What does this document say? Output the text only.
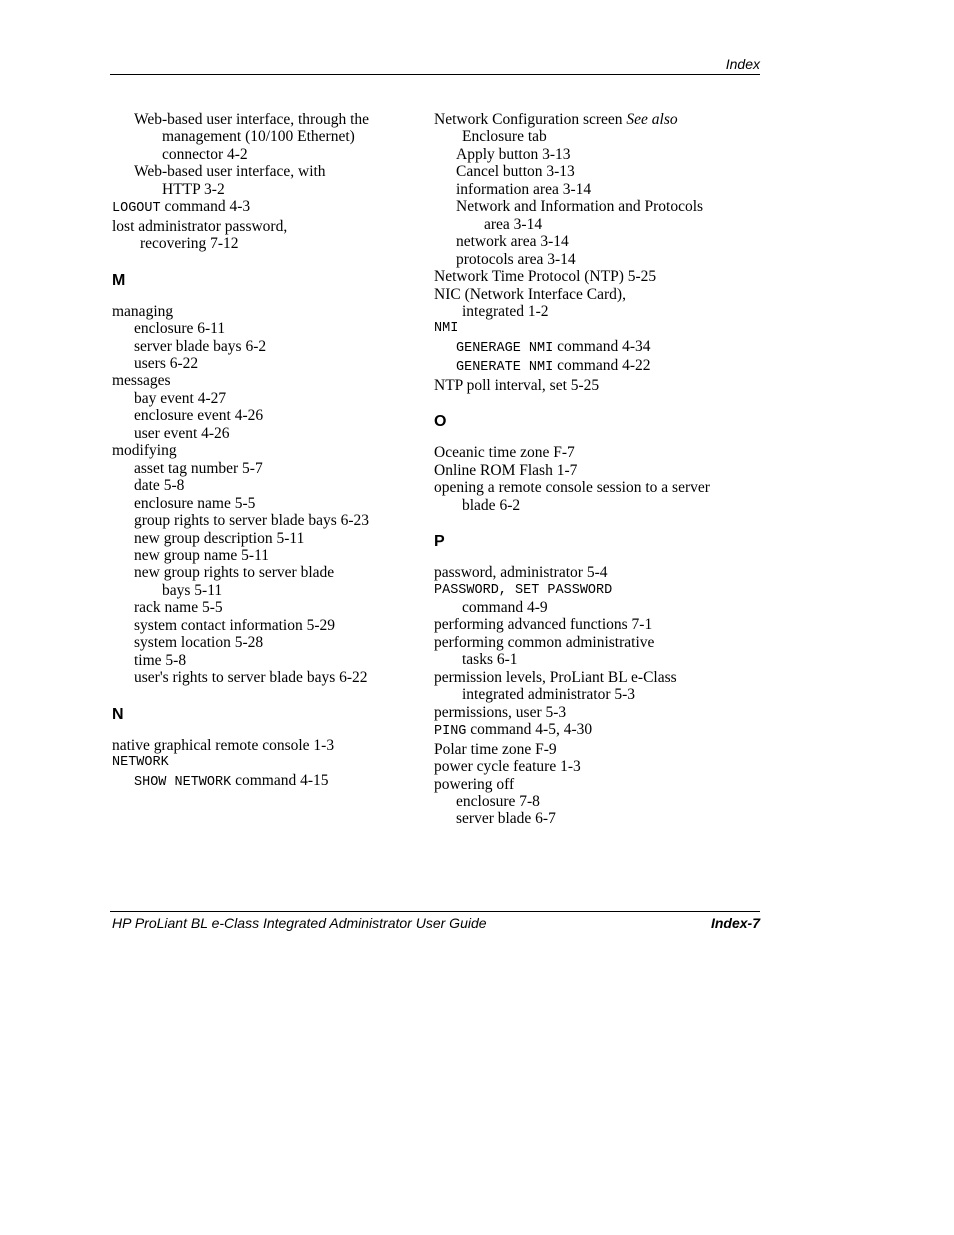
Index
Web-based user interface, through the
management (10/100 Ethernet)
connector 4-2
Web-based user interface, with
HTTP 3-2
LOGOUT command 4-3
lost administrator password,
recovering 7-12
M
managing
enclosure 6-11
server blade bays 6-2
users 6-22
messages
bay event 4-27
enclosure event 4-26
user event 4-26
modifying
asset tag number 5-7
date 5-8
enclosure name 5-5
group rights to server blade bays 6-23
new group description 5-11
new group name 5-11
new group rights to server blade
bays 5-11
rack name 5-5
system contact information 5-29
system location 5-28
time 5-8
user's rights to server blade bays 6-22
N
native graphical remote console 1-3
NETWORK
SHOW NETWORK command 4-15
Network Configuration screen See also
Enclosure tab
Apply button 3-13
Cancel button 3-13
information area 3-14
Network and Information and Protocols
area 3-14
network area 3-14
protocols area 3-14
Network Time Protocol (NTP) 5-25
NIC (Network Interface Card),
integrated 1-2
NMI
GENERAGE NMI command 4-34
GENERATE NMI command 4-22
NTP poll interval, set 5-25
O
Oceanic time zone F-7
Online ROM Flash 1-7
opening a remote console session to a server
blade 6-2
P
password, administrator 5-4
PASSWORD, SET PASSWORD
command 4-9
performing advanced functions 7-1
performing common administrative
tasks 6-1
permission levels, ProLiant BL e-Class
integrated administrator 5-3
permissions, user 5-3
PING command 4-5, 4-30
Polar time zone F-9
power cycle feature 1-3
powering off
enclosure 7-8
server blade 6-7
HP ProLiant BL e-Class Integrated Administrator User Guide	Index-7
